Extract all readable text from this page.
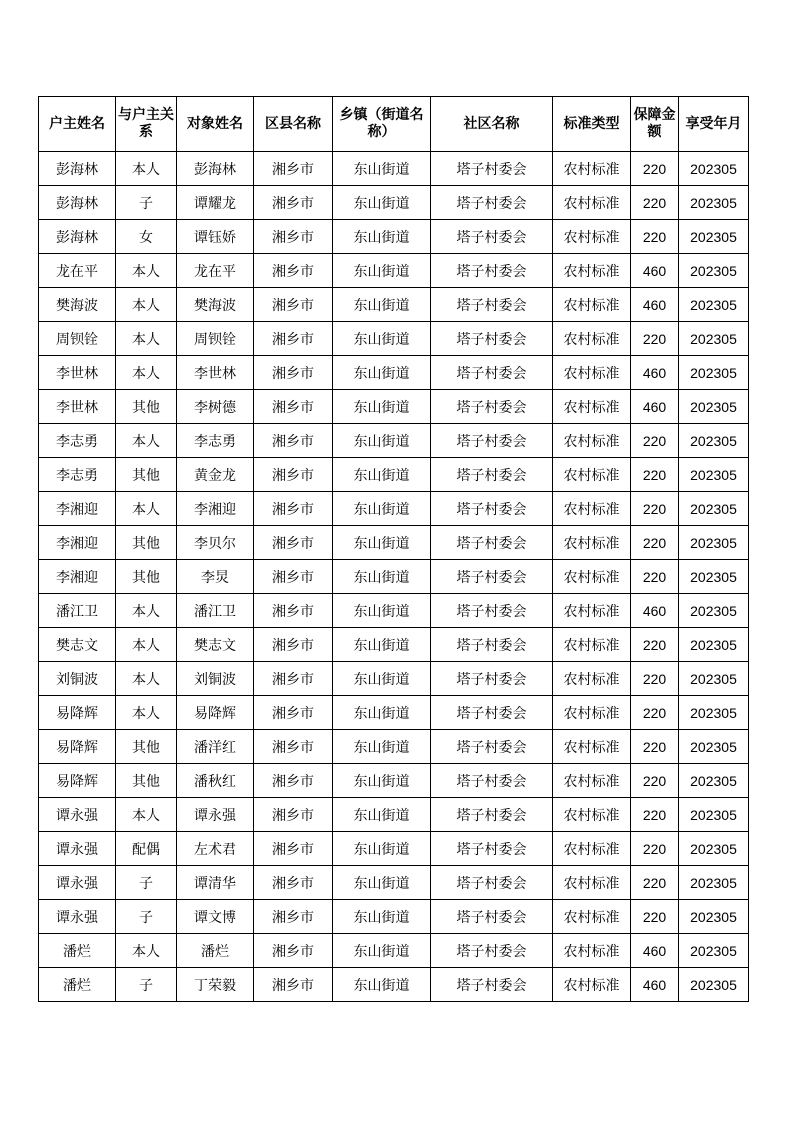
户主姓名	与户主关系	对象姓名	区县名称	乡镇（街道名称）	社区名称	标准类型	保障金额	享受年月
彭海林	本人	彭海林	湘乡市	东山街道	塔子村委会	农村标准	220	202305
彭海林	子	谭耀龙	湘乡市	东山街道	塔子村委会	农村标准	220	202305
彭海林	女	谭钰娇	湘乡市	东山街道	塔子村委会	农村标准	220	202305
龙在平	本人	龙在平	湘乡市	东山街道	塔子村委会	农村标准	460	202305
樊海波	本人	樊海波	湘乡市	东山街道	塔子村委会	农村标准	460	202305
周钡铨	本人	周钡铨	湘乡市	东山街道	塔子村委会	农村标准	220	202305
李世林	本人	李世林	湘乡市	东山街道	塔子村委会	农村标准	460	202305
李世林	其他	李树德	湘乡市	东山街道	塔子村委会	农村标准	460	202305
李志勇	本人	李志勇	湘乡市	东山街道	塔子村委会	农村标准	220	202305
李志勇	其他	黄金龙	湘乡市	东山街道	塔子村委会	农村标准	220	202305
李湘迎	本人	李湘迎	湘乡市	东山街道	塔子村委会	农村标准	220	202305
李湘迎	其他	李贝尔	湘乡市	东山街道	塔子村委会	农村标准	220	202305
李湘迎	其他	李炅	湘乡市	东山街道	塔子村委会	农村标准	220	202305
潘江卫	本人	潘江卫	湘乡市	东山街道	塔子村委会	农村标准	460	202305
樊志文	本人	樊志文	湘乡市	东山街道	塔子村委会	农村标准	220	202305
刘铜波	本人	刘铜波	湘乡市	东山街道	塔子村委会	农村标准	220	202305
易降辉	本人	易降辉	湘乡市	东山街道	塔子村委会	农村标准	220	202305
易降辉	其他	潘洋红	湘乡市	东山街道	塔子村委会	农村标准	220	202305
易降辉	其他	潘秋红	湘乡市	东山街道	塔子村委会	农村标准	220	202305
谭永强	本人	谭永强	湘乡市	东山街道	塔子村委会	农村标准	220	202305
谭永强	配偶	左术君	湘乡市	东山街道	塔子村委会	农村标准	220	202305
谭永强	子	谭清华	湘乡市	东山街道	塔子村委会	农村标准	220	202305
谭永强	子	谭文博	湘乡市	东山街道	塔子村委会	农村标准	220	202305
潘烂	本人	潘烂	湘乡市	东山街道	塔子村委会	农村标准	460	202305
潘烂	子	丁荣毅	湘乡市	东山街道	塔子村委会	农村标准	460	202305
